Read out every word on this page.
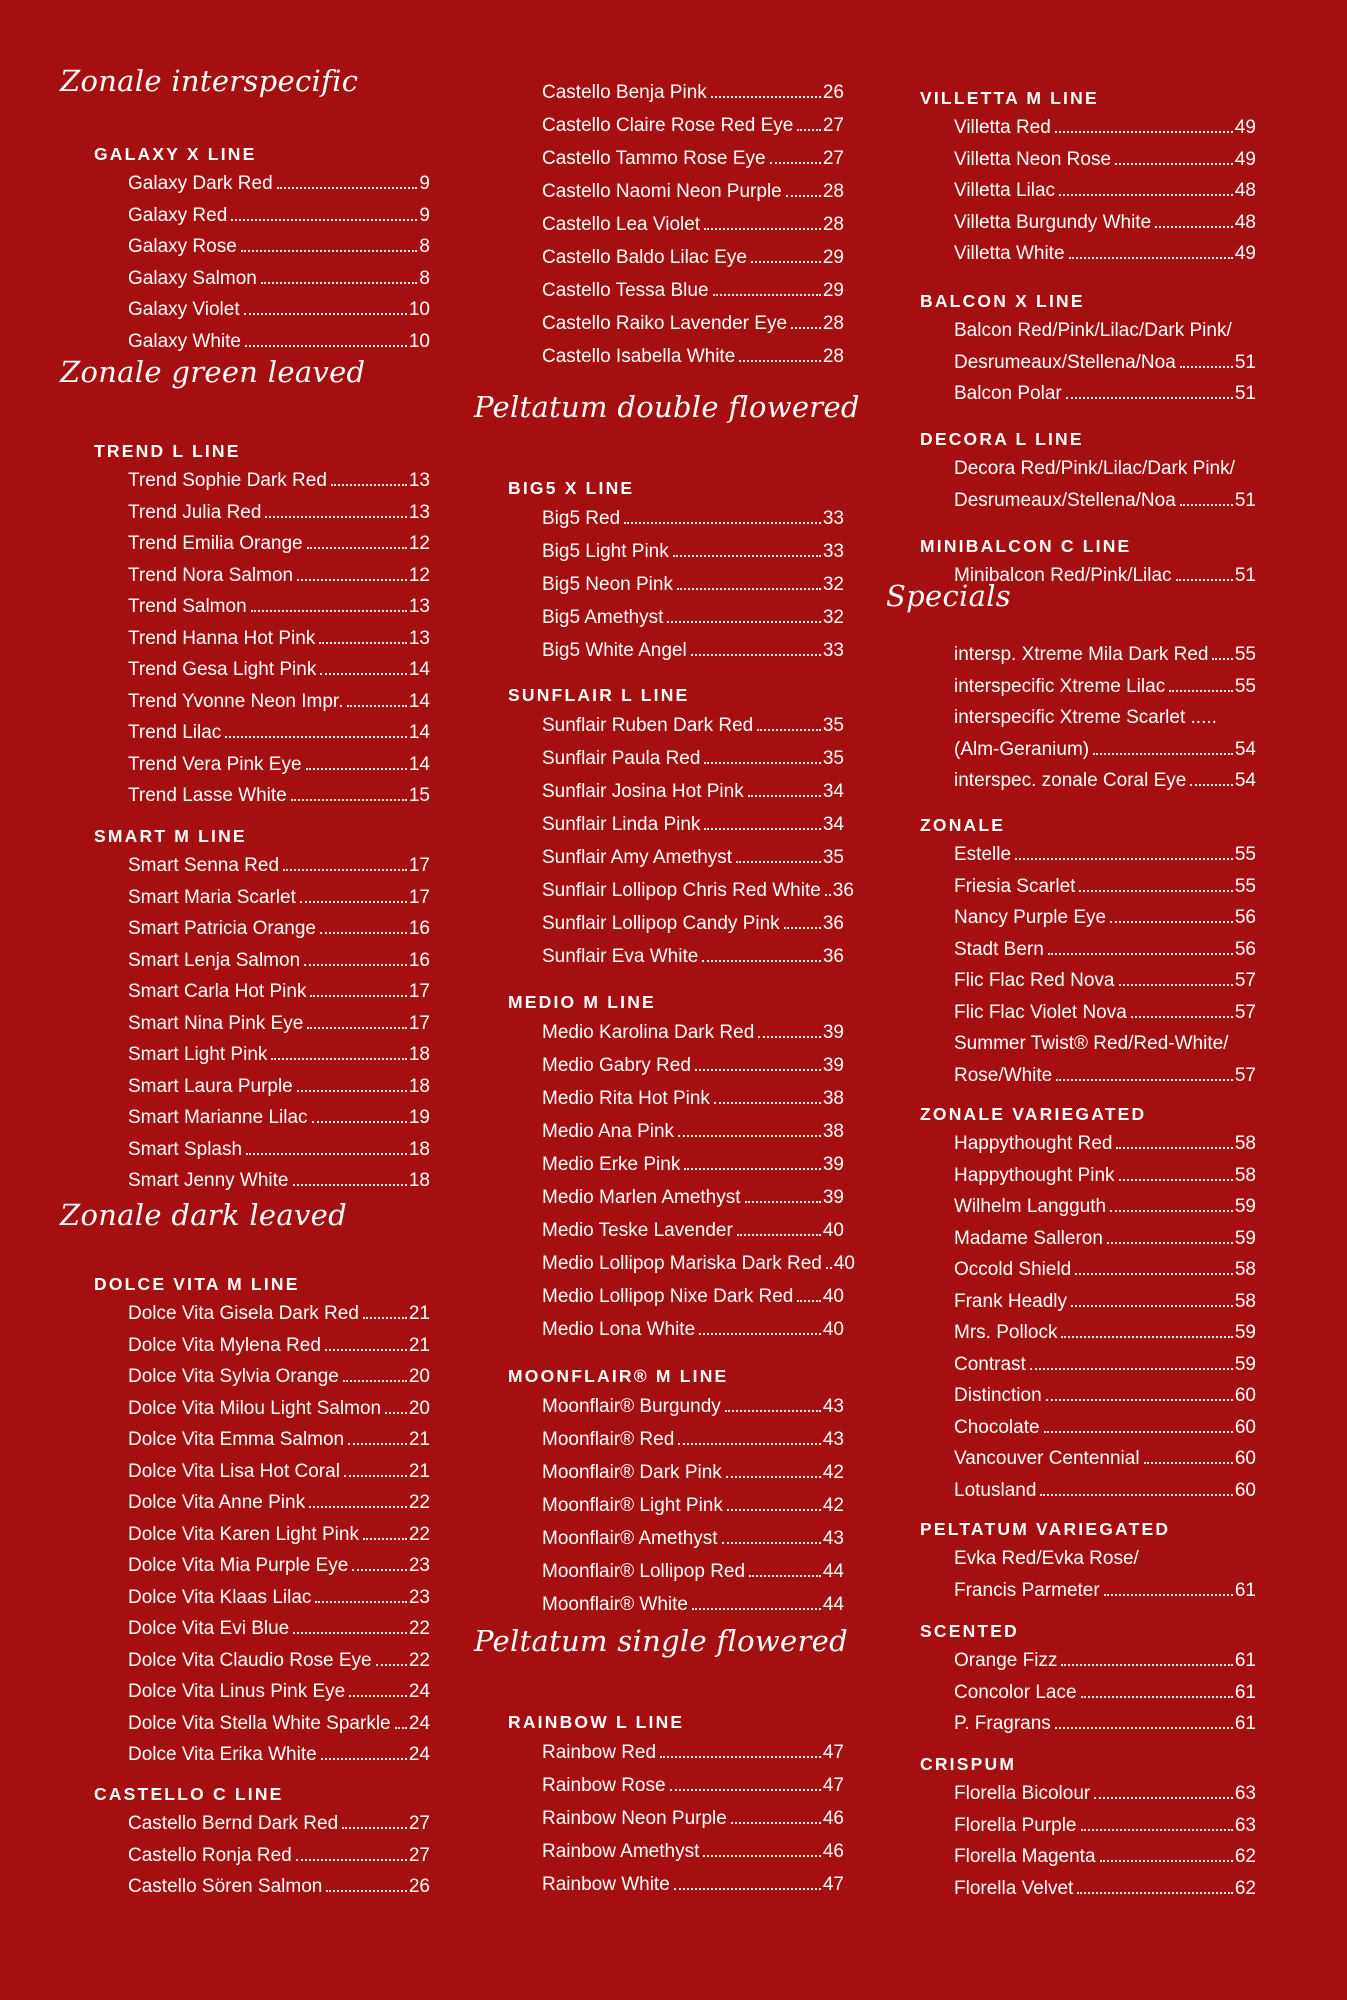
Zonale interspecific
GALAXY X LINE
Galaxy Dark Red	9
Galaxy Red	9
Galaxy Rose	8
Galaxy Salmon	8
Galaxy Violet	10
Galaxy White	10
Zonale green leaved
TREND L LINE
Trend Sophie Dark Red	13
Trend Julia Red	13
Trend Emilia Orange	12
Trend Nora Salmon	12
Trend Salmon	13
Trend Hanna Hot Pink	13
Trend Gesa Light Pink	14
Trend Yvonne Neon Impr.	14
Trend Lilac	14
Trend Vera Pink Eye	14
Trend Lasse White	15
SMART M LINE
Smart Senna Red	17
Smart Maria Scarlet	17
Smart Patricia Orange	16
Smart Lenja Salmon	16
Smart Carla Hot Pink	17
Smart Nina Pink Eye	17
Smart Light Pink	18
Smart Laura Purple	18
Smart Marianne Lilac	19
Smart Splash	18
Smart Jenny White	18
Zonale dark leaved
DOLCE VITA M LINE
Dolce Vita Gisela Dark Red	21
Dolce Vita Mylena Red	21
Dolce Vita Sylvia Orange	20
Dolce Vita Milou Light Salmon 20
Dolce Vita Emma Salmon	21
Dolce Vita Lisa Hot Coral	21
Dolce Vita Anne Pink	22
Dolce Vita Karen Light Pink	22
Dolce Vita Mia Purple Eye	23
Dolce Vita Klaas Lilac	23
Dolce Vita Evi Blue	22
Dolce Vita Claudio Rose Eye 22
Dolce Vita Linus Pink Eye	24
Dolce Vita Stella White Sparkle 24
Dolce Vita Erika White	24
CASTELLO C LINE
Castello Bernd Dark Red	27
Castello Ronja Red	27
Castello Sören Salmon	26
Castello Benja Pink	26
Castello Claire Rose Red Eye 27
Castello Tammo Rose Eye	27
Castello Naomi Neon Purple 28
Castello Lea Violet	28
Castello Baldo Lilac Eye	29
Castello Tessa Blue	29
Castello Raiko Lavender Eye 28
Castello Isabella White	28
Peltatum double flowered
BIG5 X LINE
Big5 Red	33
Big5 Light Pink	33
Big5 Neon Pink	32
Big5 Amethyst	32
Big5 White Angel	33
SUNFLAIR L LINE
Sunflair Ruben Dark Red	35
Sunflair Paula Red	35
Sunflair Josina Hot Pink	34
Sunflair Linda Pink	34
Sunflair Amy Amethyst	35
Sunflair Lollipop Chris Red White 36
Sunflair Lollipop Candy Pink 36
Sunflair Eva White	36
MEDIO M LINE
Medio Karolina Dark Red	39
Medio Gabry Red	39
Medio Rita Hot Pink	38
Medio Ana Pink	38
Medio Erke Pink	39
Medio Marlen Amethyst	39
Medio Teske Lavender	40
Medio Lollipop Mariska Dark Red 40
Medio Lollipop Nixe Dark Red 40
Medio Lona White	40
MOONFLAIR® M LINE
Moonflair® Burgundy	43
Moonflair® Red	43
Moonflair® Dark Pink	42
Moonflair® Light Pink	42
Moonflair® Amethyst	43
Moonflair® Lollipop Red	44
Moonflair® White	44
Peltatum single flowered
RAINBOW L LINE
Rainbow Red	47
Rainbow Rose	47
Rainbow Neon Purple	46
Rainbow Amethyst	46
Rainbow White	47
VILLETTA M LINE
Villetta Red	49
Villetta Neon Rose	49
Villetta Lilac	48
Villetta Burgundy White	48
Villetta White	49
BALCON X LINE
Balcon Red/Pink/Lilac/Dark Pink/
Desrumeaux/Stellena/Noa	51
Balcon Polar	51
DECORA L LINE
Decora Red/Pink/Lilac/Dark Pink/
Desrumeaux/Stellena/Noa	51
MINIBALCON C LINE
Minibalcon Red/Pink/Lilac	51
Specials
intersp. Xtreme Mila Dark Red 55
interspecific Xtreme Lilac	55
interspecific Xtreme Scarlet .....
(Alm-Geranium)	54
interspec. zonale Coral Eye	54
ZONALE
Estelle	55
Friesia Scarlet	55
Nancy Purple Eye	56
Stadt Bern	56
Flic Flac Red Nova	57
Flic Flac Violet Nova	57
Summer Twist® Red/Red-White/
Rose/White	57
ZONALE VARIEGATED
Happythought Red	58
Happythought Pink	58
Wilhelm Langguth	59
Madame Salleron	59
Occold Shield	58
Frank Headly	58
Mrs. Pollock	59
Contrast	59
Distinction	60
Chocolate	60
Vancouver Centennial	60
Lotusland	60
PELTATUM VARIEGATED
Evka Red/Evka Rose/
Francis Parmeter	61
SCENTED
Orange Fizz	61
Concolor Lace	61
P. Fragrans	61
CRISPUM
Florella Bicolour	63
Florella Purple	63
Florella Magenta	62
Florella Velvet	62
